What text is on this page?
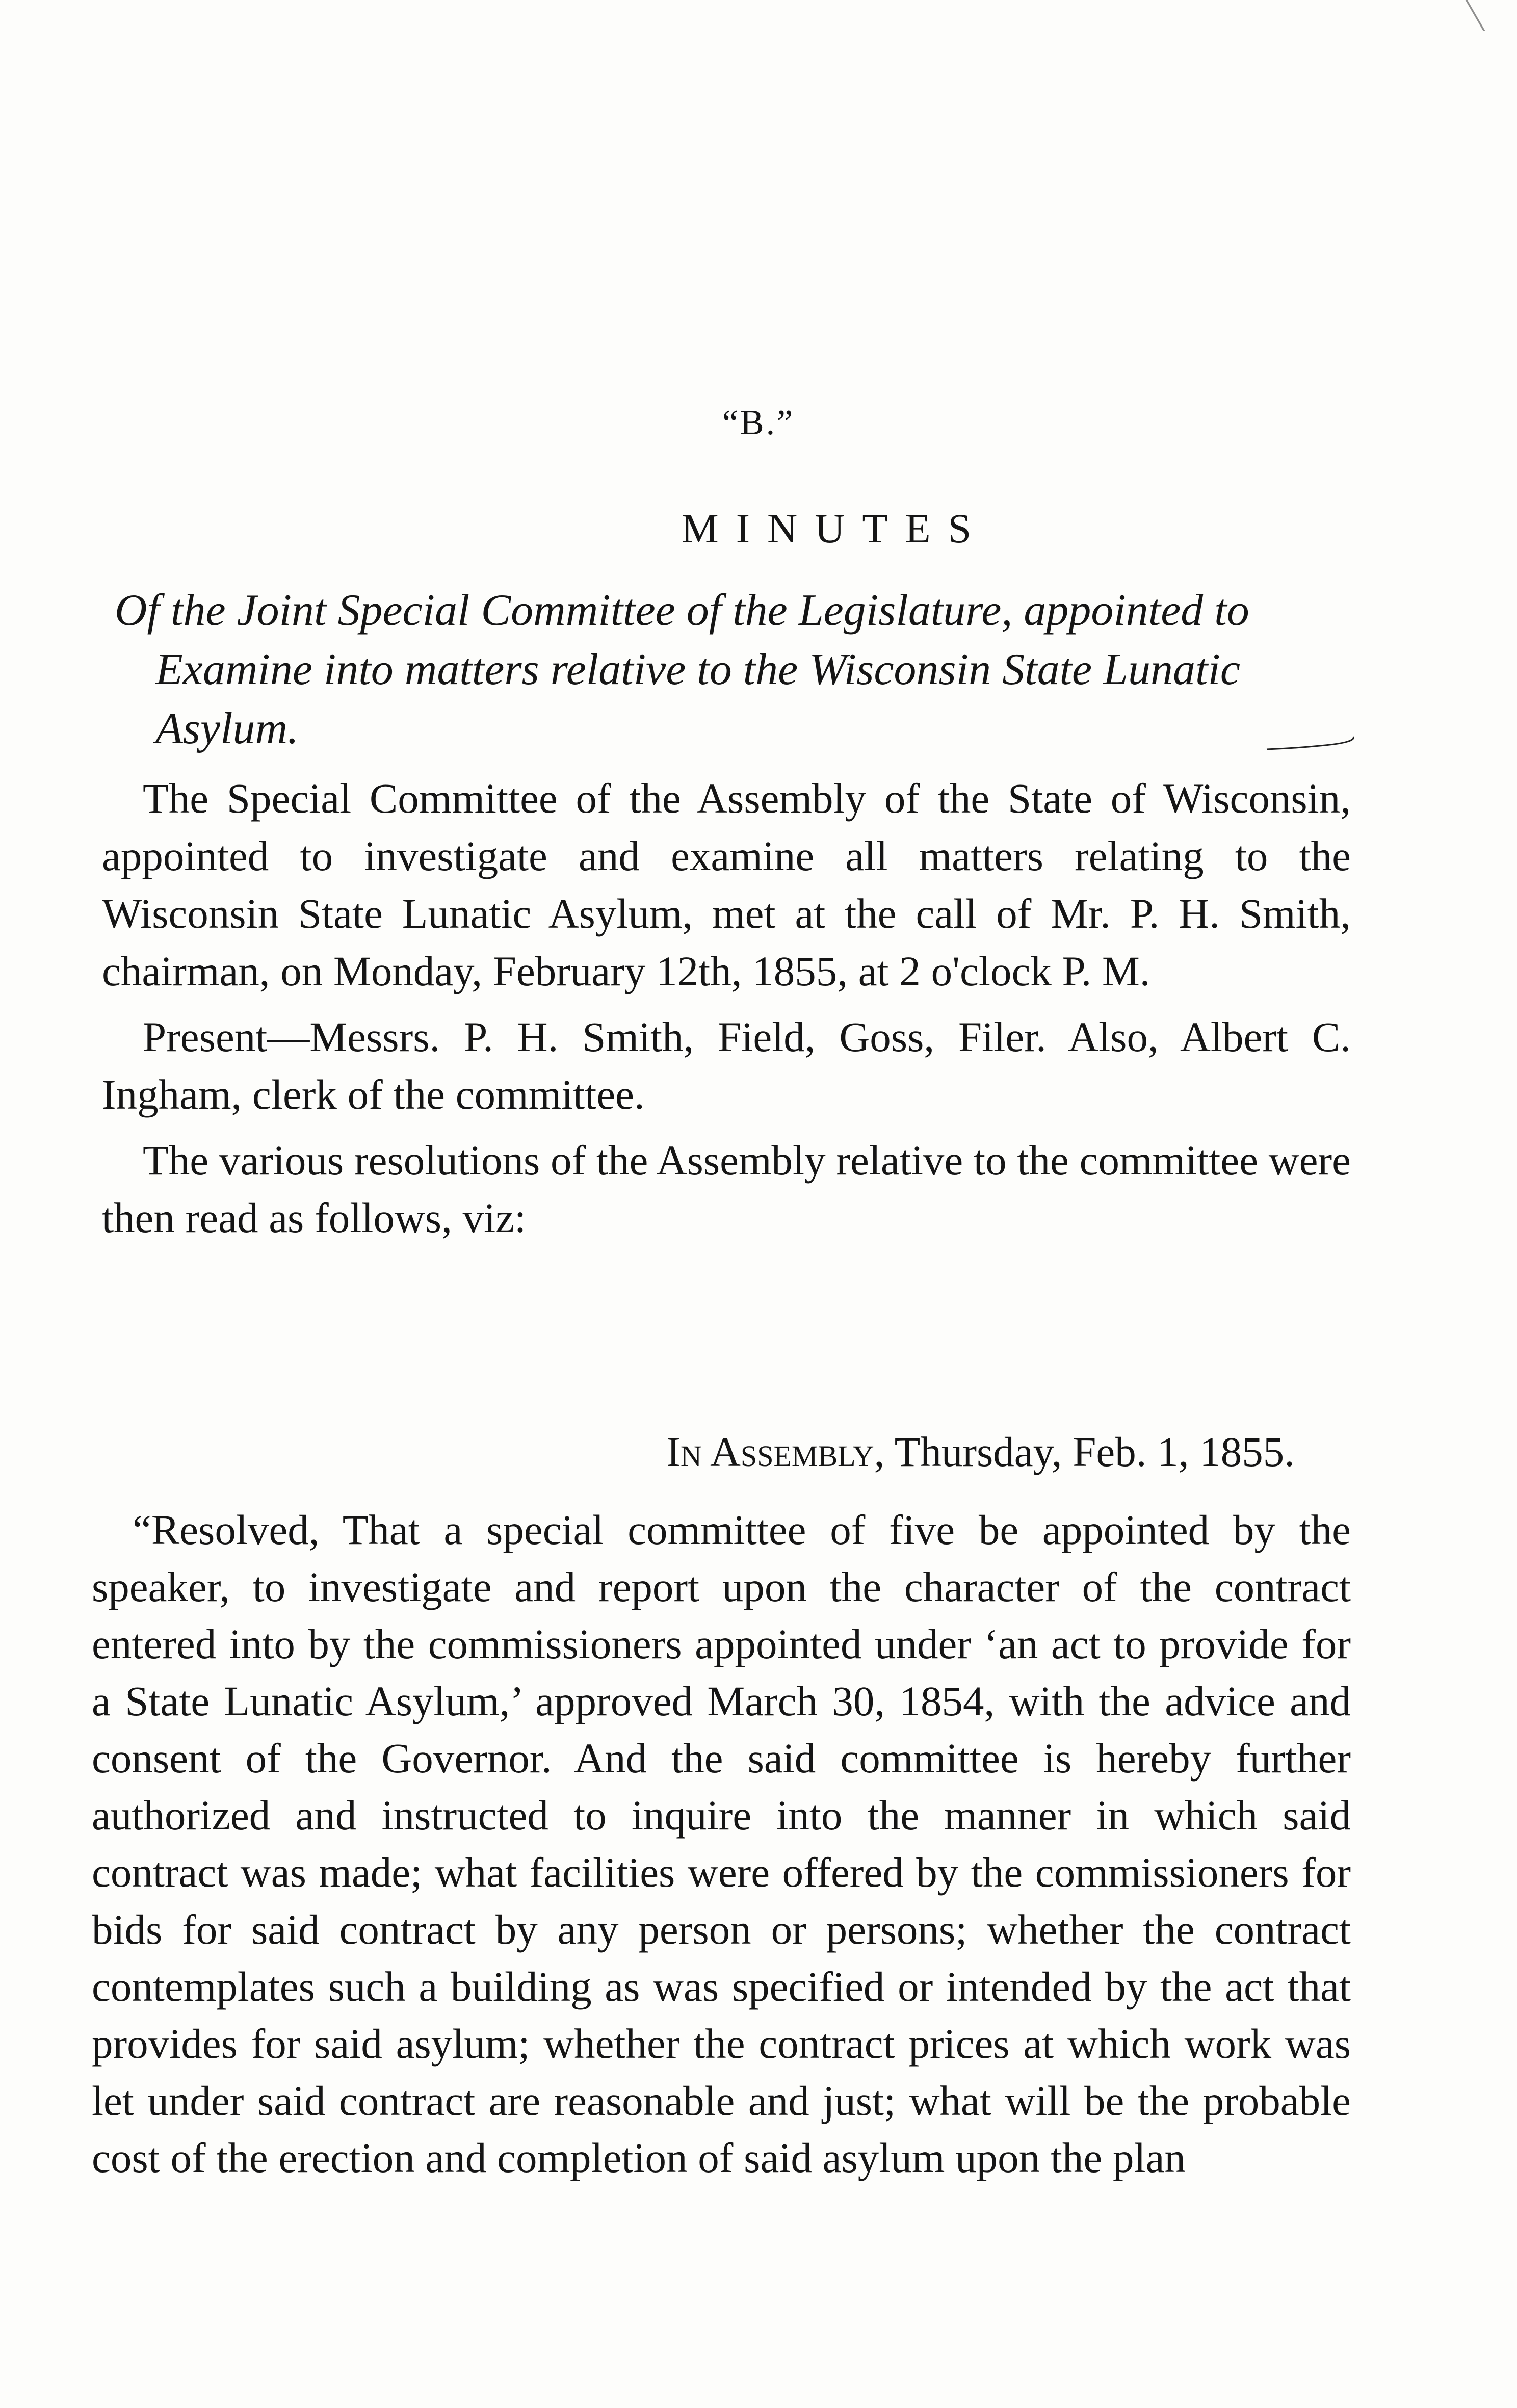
“B.”
MINUTES
Of the Joint Special Committee of the Legislature, appointed to
Examine into matters relative to the Wisconsin State Lunatic
Asylum.

The Special Committee of the Assembly of the State of Wisconsin, appointed to investigate and examine all matters relating to the Wisconsin State Lunatic Asylum, met at the call of Mr. P. H. Smith, chairman, on Monday, February 12th, 1855, at 2 o'clock P. M.

Present—Messrs. P. H. Smith, Field, Goss, Filer. Also, Albert C. Ingham, clerk of the committee.

The various resolutions of the Assembly relative to the committee were then read as follows, viz:

In Assembly, Thursday, Feb. 1, 1855.

“Resolved, That a special committee of five be appointed by the speaker, to investigate and report upon the character of the contract entered into by the commissioners appointed under ‘an act to provide for a State Lunatic Asylum,’ approved March 30, 1854, with the advice and consent of the Governor. And the said committee is hereby further authorized and instructed to inquire into the manner in which said contract was made; what facilities were offered by the commissioners for bids for said contract by any person or persons; whether the contract contemplates such a building as was specified or intended by the act that provides for said asylum; whether the contract prices at which work was let under said contract are reasonable and just; what will be the probable cost of the erection and completion of said asylum upon the plan
